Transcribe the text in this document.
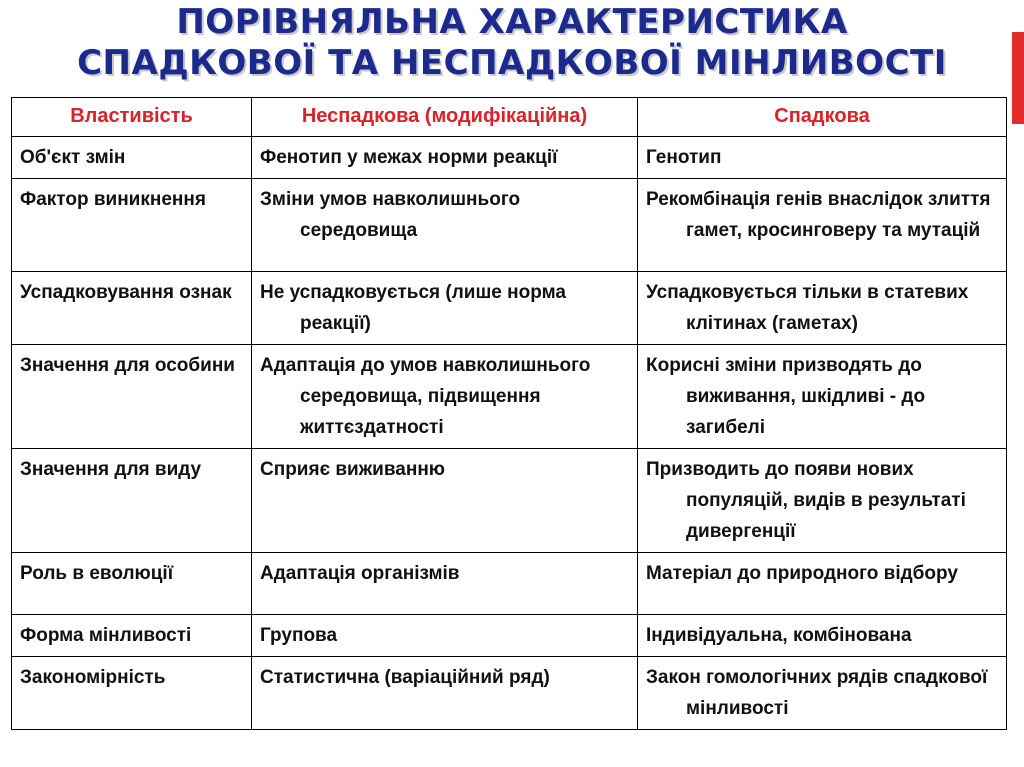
ПОРІВНЯЛЬНА ХАРАКТЕРИСТИКА
СПАДКОВОЇ ТА НЕСПАДКОВОЇ МІНЛИВОСТІ
Властивість	Неспадкова (модифікаційна)	Спадкова

Об'єкт змін	Фенотип у межах норми реакції	Генотип

Фактор виникнення	Зміни умов навколишнього середовища	Рекомбінація генів внаслідок злиття гамет, кросинговеру та мутацій

Успадковування ознак	Не успадковується (лише норма реакції)	Успадковується тільки в статевих клітинах (гаметах)

Значення для особини	Адаптація до умов навколишнього середовища, підвищення життєздатності	Корисні зміни призводять до виживання, шкідливі - до загибелі

Значення для виду	Сприяє виживанню	Призводить до появи нових популяцій, видів в результаті дивергенції

Роль в еволюції	Адаптація організмів	Матеріал до природного відбору

Форма мінливості	Групова	Індивідуальна, комбінована

Закономірність	Статистична (варіаційний ряд)	Закон гомологічних рядів спадкової мінливості
